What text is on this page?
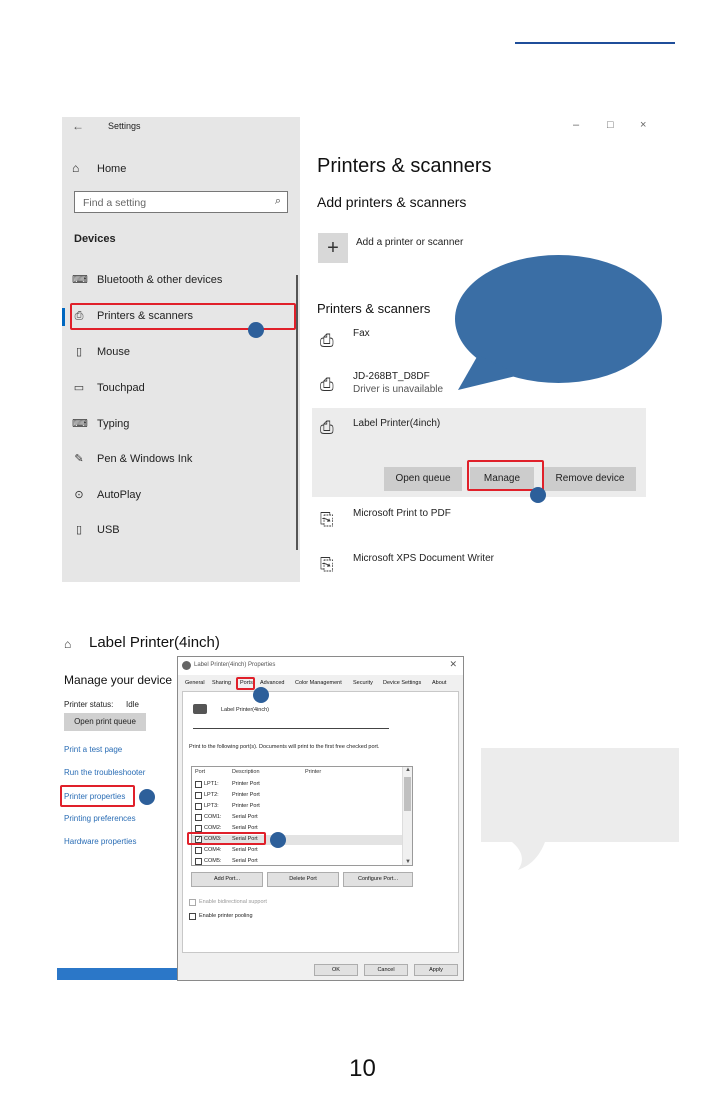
←	Settings
⌂ Home
Find a setting	⌕
Devices
⌨ Bluetooth & other devices
⎙ Printers & scanners
▯	Mouse
▭ Touchpad
⌨ Typing
✎ Pen & Windows Ink
⊙ AutoPlay
▯	USB
–	□ ×
Printers & scanners
Add printers & scanners
+	Add a printer or scanner
Printers & scanners
⎙	Fax
⎙	JD-268BT_D8DF
Driver is unavailable
⎙	Label Printer(4inch)
Open queue	Manage	Remove device
⎘	Microsoft Print to PDF
⎘	Microsoft XPS Document Writer
⌂ Label Printer(4inch)
Manage your device
Printer status: Idle
Open print queue
Print a test page
Run the troubleshooter
Printer properties
Printing preferences
Hardware properties
Label Printer(4inch) Properties	✕
General Sharing Ports Advanced Color Management Security Device Settings About
Label Printer(4inch)
Print to the following port(s). Documents will print to the first free checked port.
Port	Description	Printer
LPT1: Printer Port
LPT2: Printer Port
LPT3: Printer Port
COM1: Serial Port
COM2: Serial Port
✓ COM3: Serial Port
COM4: Serial Port
COM5: Serial Port
▲
▼
Add Port...	Delete Port	Configure Port...
Enable bidirectional support
Enable printer pooling
OK	Cancel	Apply
10
